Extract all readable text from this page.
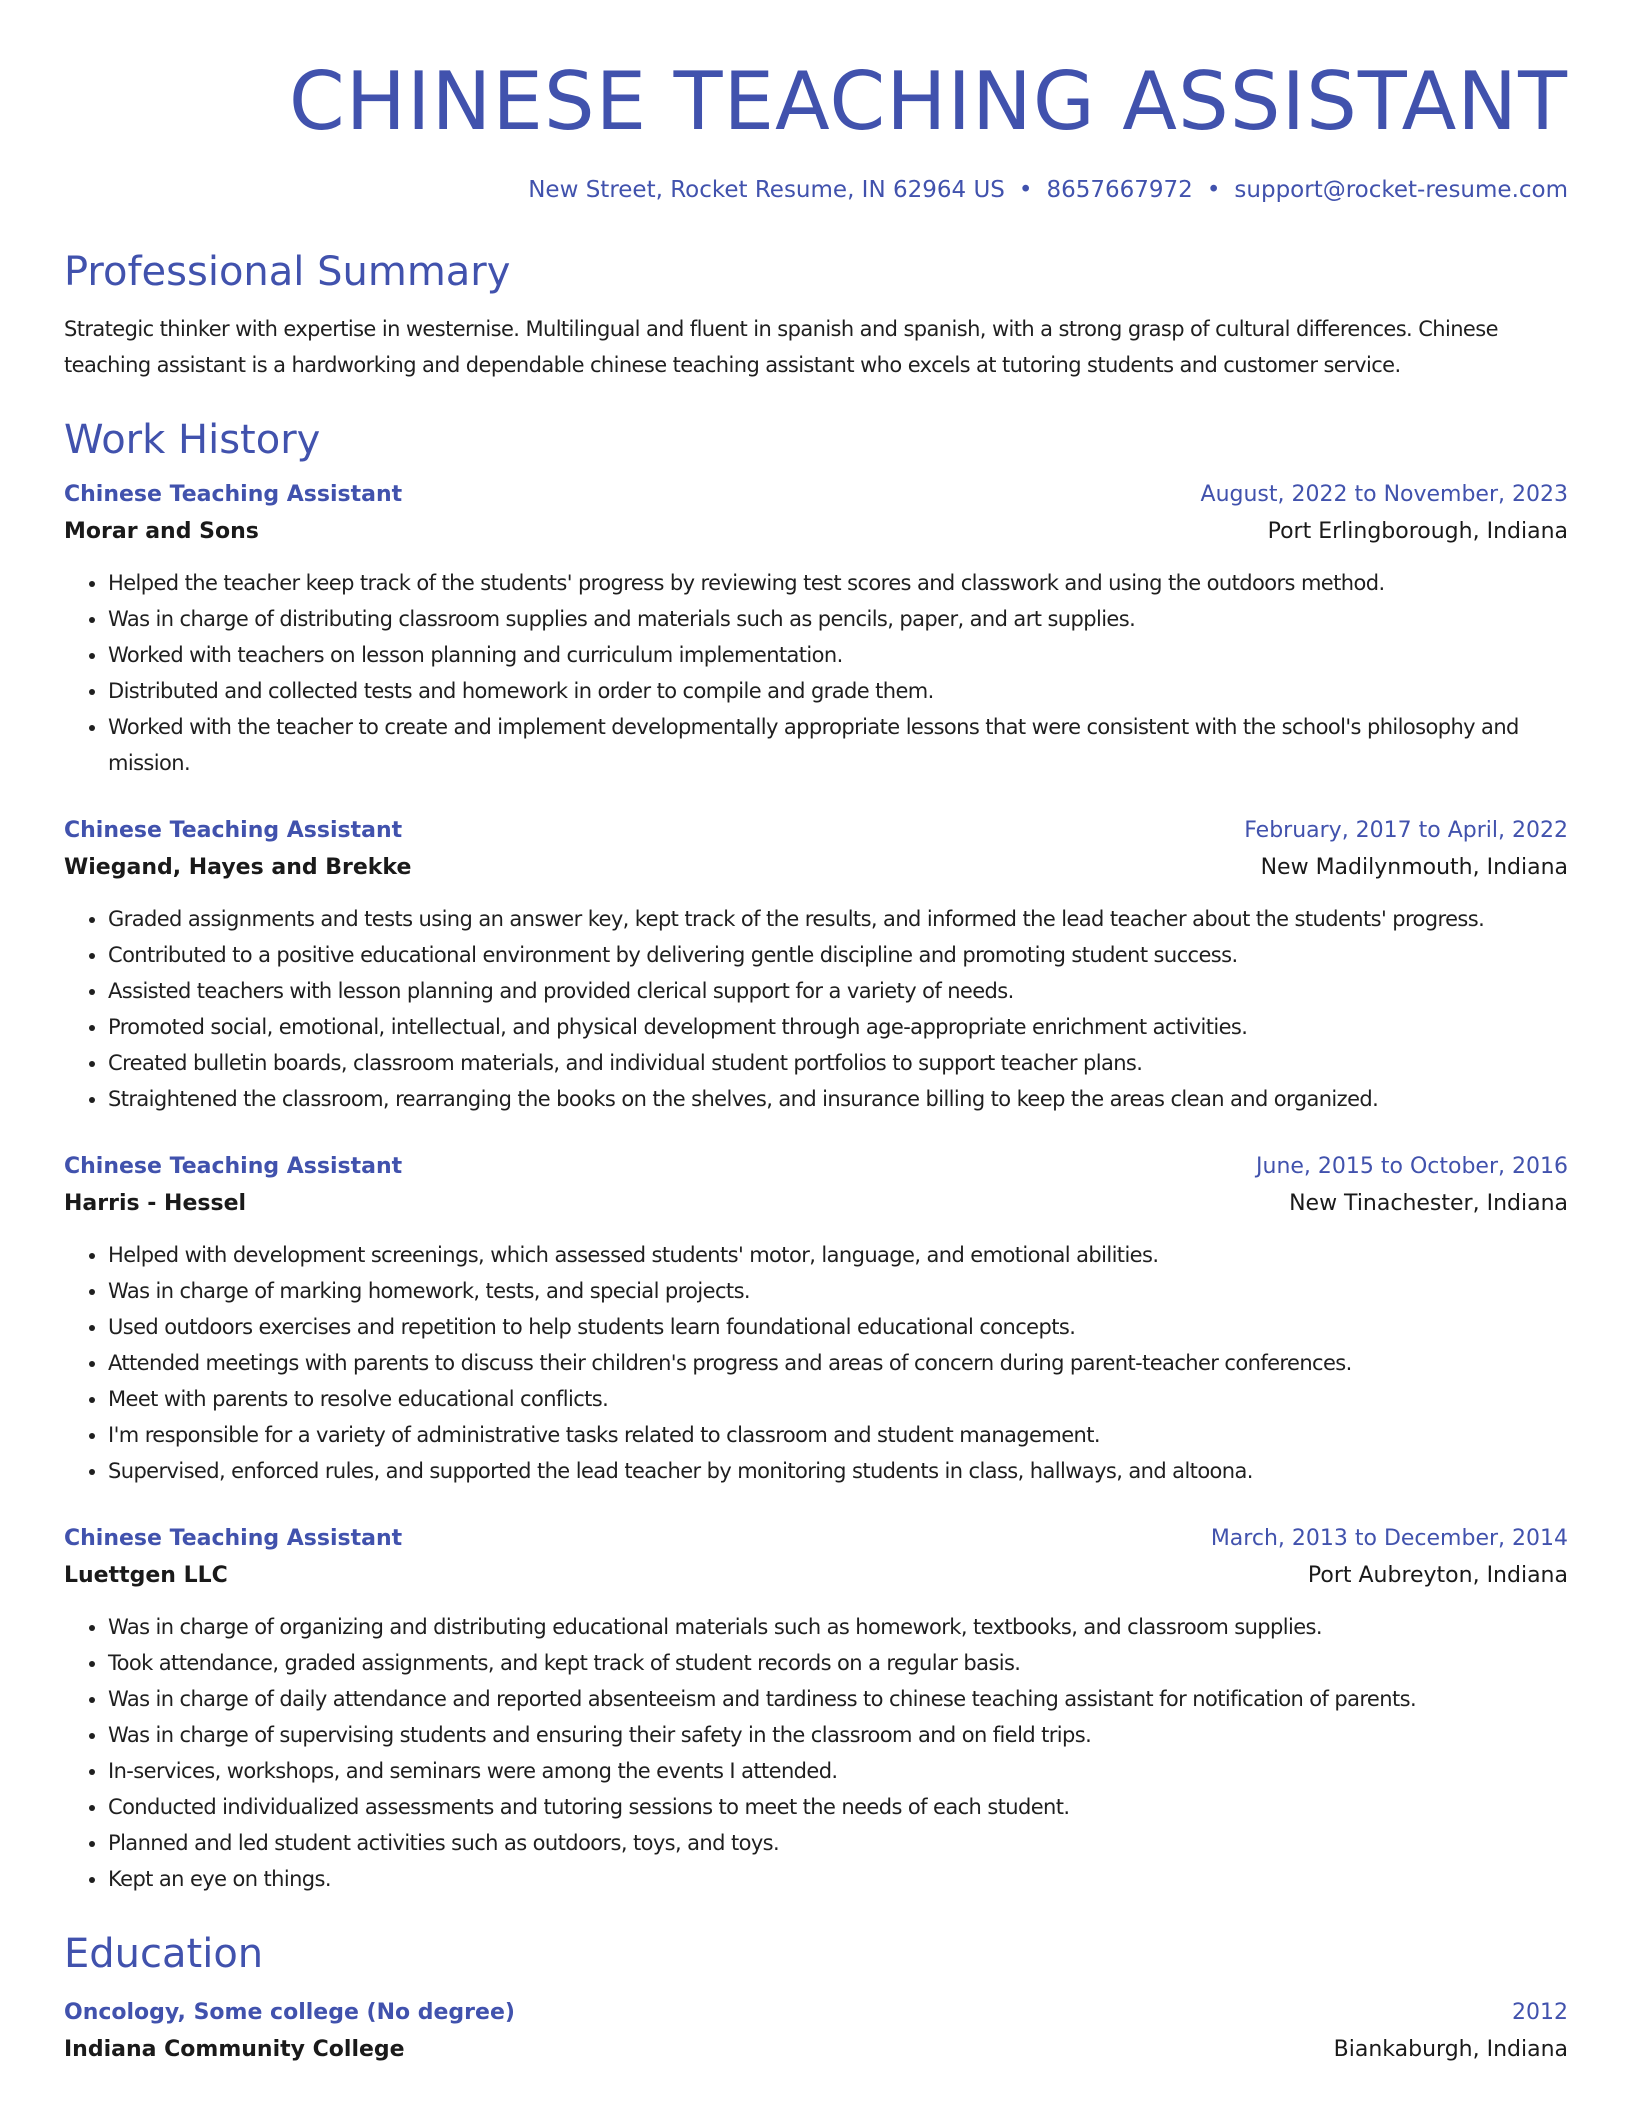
CHINESE TEACHING ASSISTANT
New Street, Rocket Resume, IN 62964 US • 8657667972 • support@rocket-resume.com
Professional Summary
Strategic thinker with expertise in westernise. Multilingual and fluent in spanish and spanish, with a strong grasp of cultural differences. Chinese teaching assistant is a hardworking and dependable chinese teaching assistant who excels at tutoring students and customer service.
Work History
Chinese Teaching Assistant	August, 2022 to November, 2023
Morar and Sons	Port Erlingborough, Indiana
• Helped the teacher keep track of the students' progress by reviewing test scores and classwork and using the outdoors method.
• Was in charge of distributing classroom supplies and materials such as pencils, paper, and art supplies.
• Worked with teachers on lesson planning and curriculum implementation.
• Distributed and collected tests and homework in order to compile and grade them.
• Worked with the teacher to create and implement developmentally appropriate lessons that were consistent with the school's philosophy and mission.
Chinese Teaching Assistant	February, 2017 to April, 2022
Wiegand, Hayes and Brekke	New Madilynmouth, Indiana
• Graded assignments and tests using an answer key, kept track of the results, and informed the lead teacher about the students' progress.
• Contributed to a positive educational environment by delivering gentle discipline and promoting student success.
• Assisted teachers with lesson planning and provided clerical support for a variety of needs.
• Promoted social, emotional, intellectual, and physical development through age-appropriate enrichment activities.
• Created bulletin boards, classroom materials, and individual student portfolios to support teacher plans.
• Straightened the classroom, rearranging the books on the shelves, and insurance billing to keep the areas clean and organized.
Chinese Teaching Assistant	June, 2015 to October, 2016
Harris - Hessel	New Tinachester, Indiana
• Helped with development screenings, which assessed students' motor, language, and emotional abilities.
• Was in charge of marking homework, tests, and special projects.
• Used outdoors exercises and repetition to help students learn foundational educational concepts.
• Attended meetings with parents to discuss their children's progress and areas of concern during parent-teacher conferences.
• Meet with parents to resolve educational conflicts.
• I'm responsible for a variety of administrative tasks related to classroom and student management.
• Supervised, enforced rules, and supported the lead teacher by monitoring students in class, hallways, and altoona.
Chinese Teaching Assistant	March, 2013 to December, 2014
Luettgen LLC	Port Aubreyton, Indiana
• Was in charge of organizing and distributing educational materials such as homework, textbooks, and classroom supplies.
• Took attendance, graded assignments, and kept track of student records on a regular basis.
• Was in charge of daily attendance and reported absenteeism and tardiness to chinese teaching assistant for notification of parents.
• Was in charge of supervising students and ensuring their safety in the classroom and on field trips.
• In-services, workshops, and seminars were among the events I attended.
• Conducted individualized assessments and tutoring sessions to meet the needs of each student.
• Planned and led student activities such as outdoors, toys, and toys.
• Kept an eye on things.
Education
Oncology, Some college (No degree)	2012
Indiana Community College	Biankaburgh, Indiana
